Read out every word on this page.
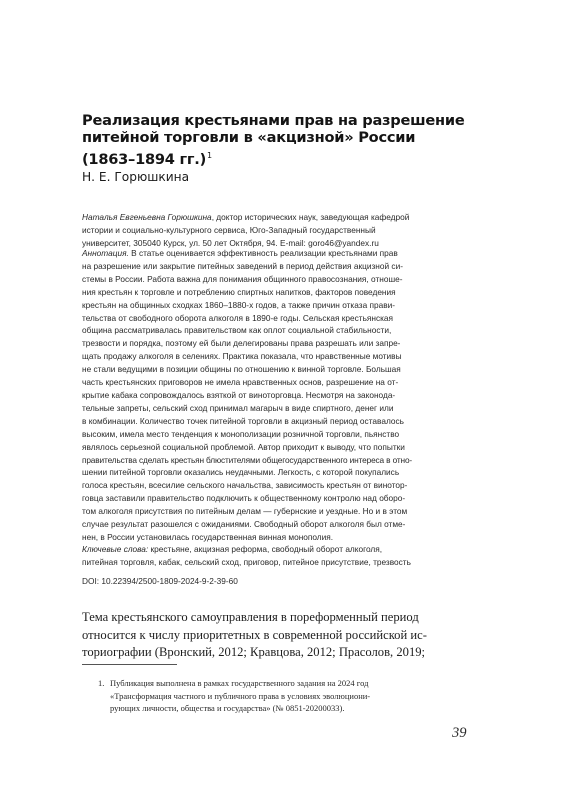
Реализация крестьянами прав на разрешение
питейной торговли в «акцизной» России
(1863–1894 гг.)$^1$
Н. Е. Горюшкина
Наталья Евгеньевна Горюшкина, доктор исторических наук, заведующая кафедрой
истории и социально-культурного сервиса, Юго-Западный государственный
университет, 305040 Курск, ул. 50 лет Октября, 94. E-mail: goro46@yandex.ru
Аннотация. В статье оценивается эффективность реализации крестьянами прав
на разрешение или закрытие питейных заведений в период действия акцизной си-
стемы в России. Работа важна для понимания общинного правосознания, отноше-
ния крестьян к торговле и потреблению спиртных напитков, факторов поведения
крестьян на общинных сходках 1860–1880-х годов, а также причин отказа прави-
тельства от свободного оборота алкоголя в 1890-е годы. Сельская крестьянская
община рассматривалась правительством как оплот социальной стабильности,
трезвости и порядка, поэтому ей были делегированы права разрешать или запре-
щать продажу алкоголя в селениях. Практика показала, что нравственные мотивы
не стали ведущими в позиции общины по отношению к винной торговле. Большая
часть крестьянских приговоров не имела нравственных основ, разрешение на от-
крытие кабака сопровождалось взяткой от виноторговца. Несмотря на законода-
тельные запреты, сельский сход принимал магарыч в виде спиртного, денег или
в комбинации. Количество точек питейной торговли в акцизный период оставалось
высоким, имела место тенденция к монополизации розничной торговли, пьянство
являлось серьезной социальной проблемой. Автор приходит к выводу, что попытки
правительства сделать крестьян блюстителями общегосударственного интереса в отно-
шении питейной торговли оказались неудачными. Легкость, с которой покупались
голоса крестьян, всесилие сельского начальства, зависимость крестьян от винотор-
говца заставили правительство подключить к общественному контролю над оборо-
том алкоголя присутствия по питейным делам — губернские и уездные. Но и в этом
случае результат разошелся с ожиданиями. Свободный оборот алкоголя был отме-
нен, в России установилась государственная винная монополия.
Ключевые слова: крестьяне, акцизная реформа, свободный оборот алкоголя,
питейная торговля, кабак, сельский сход, приговор, питейное присутствие, трезвость
DOI: 10.22394/2500-1809-2024-9-2-39-60
Тема крестьянского самоуправления в пореформенный период
относится к числу приоритетных в современной российской ис-
ториографии (Вронский, 2012; Кравцова, 2012; Прасолов, 2019;
1. Публикация выполнена в рамках государственного задания на 2024 год
«Трансформация частного и публичного права в условиях эволюциони-
рующих личности, общества и государства» (№ 0851-20200033).
39
